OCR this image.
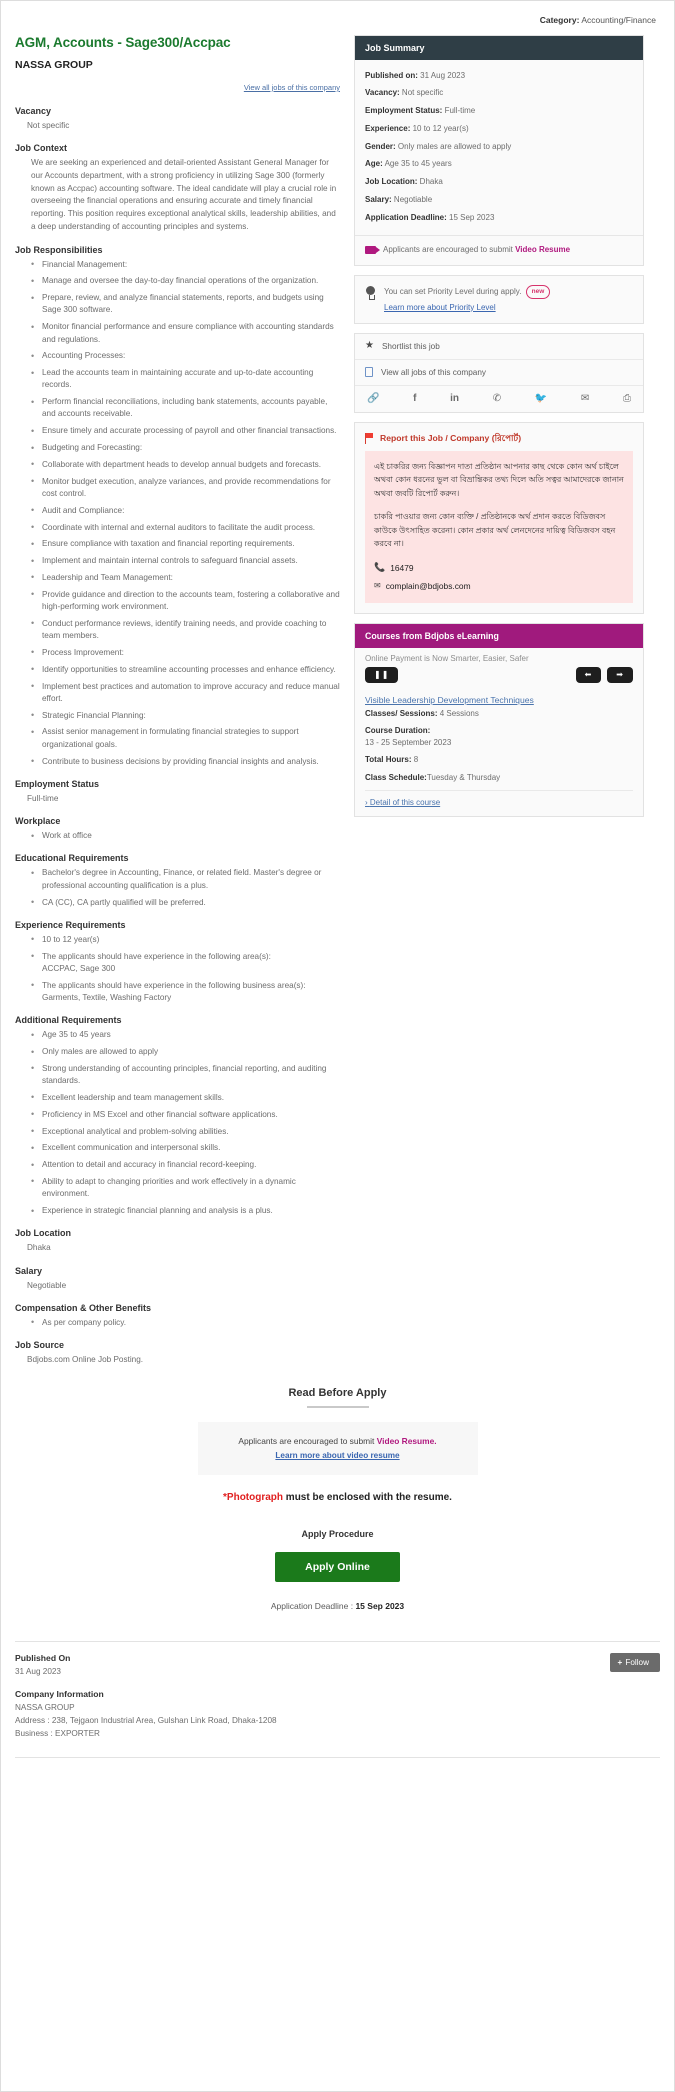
Category: Accounting/Finance
AGM, Accounts - Sage300/Accpac
NASSA GROUP
View all jobs of this company
Vacancy
Not specific
Job Context
We are seeking an experienced and detail-oriented Assistant General Manager for our Accounts department, with a strong proficiency in utilizing Sage 300 (formerly known as Accpac) accounting software. The ideal candidate will play a crucial role in overseeing the financial operations and ensuring accurate and timely financial reporting. This position requires exceptional analytical skills, leadership abilities, and a deep understanding of accounting principles and systems.
Job Responsibilities
• Financial Management:
• Manage and oversee the day-to-day financial operations of the organization.
• Prepare, review, and analyze financial statements, reports, and budgets using Sage 300 software.
• Monitor financial performance and ensure compliance with accounting standards and regulations.
• Accounting Processes:
• Lead the accounts team in maintaining accurate and up-to-date accounting records.
• Perform financial reconciliations, including bank statements, accounts payable, and accounts receivable.
• Ensure timely and accurate processing of payroll and other financial transactions.
• Budgeting and Forecasting:
• Collaborate with department heads to develop annual budgets and forecasts.
• Monitor budget execution, analyze variances, and provide recommendations for cost control.
• Audit and Compliance:
• Coordinate with internal and external auditors to facilitate the audit process.
• Ensure compliance with taxation and financial reporting requirements.
• Implement and maintain internal controls to safeguard financial assets.
• Leadership and Team Management:
• Provide guidance and direction to the accounts team, fostering a collaborative and high-performing work environment.
• Conduct performance reviews, identify training needs, and provide coaching to team members.
• Process Improvement:
• Identify opportunities to streamline accounting processes and enhance efficiency.
• Implement best practices and automation to improve accuracy and reduce manual effort.
• Strategic Financial Planning:
• Assist senior management in formulating financial strategies to support organizational goals.
• Contribute to business decisions by providing financial insights and analysis.
Employment Status
Full-time
Workplace
• Work at office
Educational Requirements
• Bachelor's degree in Accounting, Finance, or related field. Master's degree or professional accounting qualification is a plus.
• CA (CC), CA partly qualified will be preferred.
Experience Requirements
• 10 to 12 year(s)
• The applicants should have experience in the following area(s):
ACCPAC, Sage 300
• The applicants should have experience in the following business area(s):
Garments, Textile, Washing Factory
Additional Requirements
• Age 35 to 45 years
• Only males are allowed to apply
• Strong understanding of accounting principles, financial reporting, and auditing standards.
• Excellent leadership and team management skills.
• Proficiency in MS Excel and other financial software applications.
• Exceptional analytical and problem-solving abilities.
• Excellent communication and interpersonal skills.
• Attention to detail and accuracy in financial record-keeping.
• Ability to adapt to changing priorities and work effectively in a dynamic environment.
• Experience in strategic financial planning and analysis is a plus.
Job Location
Dhaka
Salary
Negotiable
Compensation & Other Benefits
• As per company policy.
Job Source
Bdjobs.com Online Job Posting.
Job Summary
Published on: 31 Aug 2023
Vacancy: Not specific
Employment Status: Full-time
Experience: 10 to 12 year(s)
Gender: Only males are allowed to apply
Age: Age 35 to 45 years
Job Location: Dhaka
Salary: Negotiable
Application Deadline: 15 Sep 2023
Applicants are encouraged to submit Video Resume
You can set Priority Level during apply. new
Learn more about Priority Level
★ Shortlist this job
View all jobs of this company
🔗	f	in	✆	🐦	✉	⎙
Report this Job / Company (রিপোর্ট)

এই চাকরির জন্য বিজ্ঞাপন দাতা প্রতিষ্ঠান আপনার কাছ থেকে কোন অর্থ চাইলে অথবা কোন ধরনের ভুল বা বিভ্রান্তিকর তথ্য দিলে অতি সত্বর আমাদেরকে জানান অথবা জবটি রিপোর্ট করুন।

চাকরি পাওয়ার জন্য কোন ব্যক্তি / প্রতিষ্ঠানকে অর্থ প্রদান করতে বিডিজবস কাউকে উৎসাহিত করেনা। কোন প্রকার অর্থ লেনদেনের দায়িত্ব বিডিজবস বহন করবে না।

📞 16479
✉ complain@bdjobs.com
Courses from Bdjobs eLearning
Online Payment is Now Smarter, Easier, Safer
❚❚	⬅	➡
Visible Leadership Development Techniques
Classes/ Sessions: 4 Sessions
Course Duration:
13 - 25 September 2023
Total Hours: 8
Class Schedule:Tuesday & Thursday
› Detail of this course
Read Before Apply
Applicants are encouraged to submit Video Resume.
Learn more about video resume
*Photograph must be enclosed with the resume.
Apply Procedure
Apply Online
Application Deadline : 15 Sep 2023
+ Follow
Published On
31 Aug 2023
Company Information
NASSA GROUP
Address : 238, Tejgaon Industrial Area, Gulshan Link Road, Dhaka-1208
Business : EXPORTER
